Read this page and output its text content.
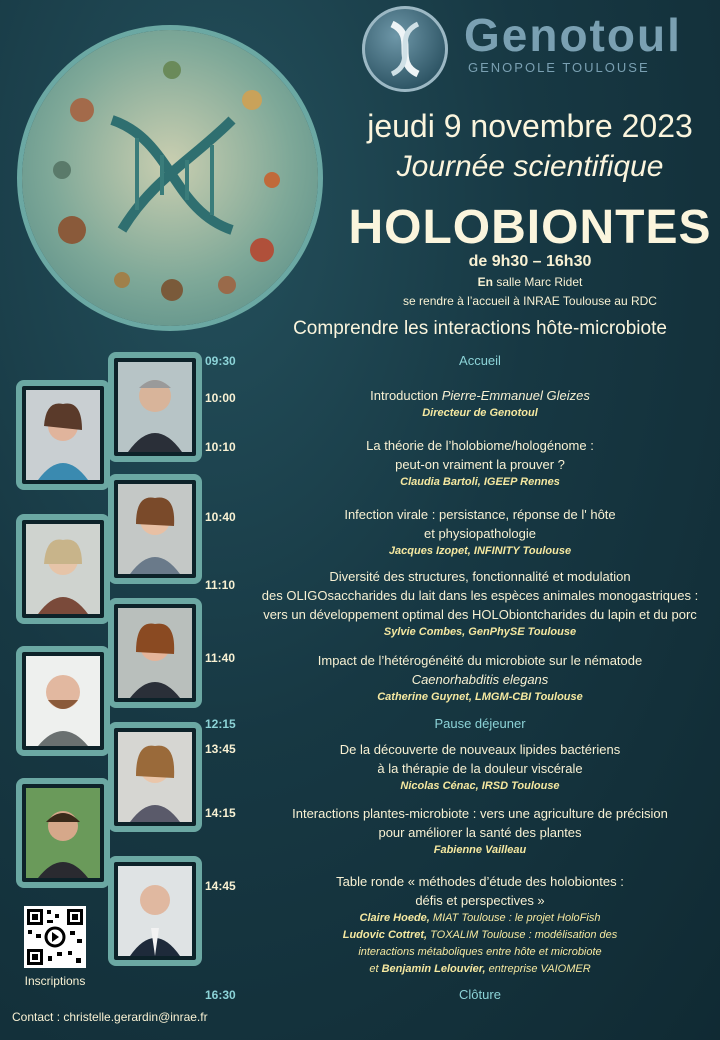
Genotoul
GENOPOLE TOULOUSE
jeudi 9 novembre 2023
Journée scientifique
HOLOBIONTES
de 9h30 – 16h30
En salle Marc Ridet
se rendre à l’accueil à INRAE Toulouse au RDC
Comprendre les interactions hôte-microbiote
09:30	Accueil
10:00	Introduction Pierre-Emmanuel Gleizes
Directeur de Genotoul
10:10	La théorie de l’holobiome/hologénome :
peut-on vraiment la prouver ?
Claudia Bartoli, IGEEP Rennes
10:40	Infection virale : persistance, réponse de l' hôte
et physiopathologie
Jacques Izopet, INFINITY Toulouse
11:10
Diversité des structures, fonctionnalité et modulation
des OLIGOsaccharides du lait dans les espèces animales monogastriques :
vers un développement optimal des HOLObiontcharides du lapin et du porc
Sylvie Combes, GenPhySE Toulouse
11:40	Impact de l’hétérogénéité du microbiote sur le nématode
Caenorhabditis elegans
Catherine Guynet, LMGM-CBI Toulouse
12:15	Pause déjeuner
13:45	De la découverte de nouveaux lipides bactériens
à la thérapie de la douleur viscérale
Nicolas Cénac, IRSD Toulouse
14:15	Interactions plantes-microbiote : vers une agriculture de précision
pour améliorer la santé des plantes
Fabienne Vailleau
14:45	Table ronde « méthodes d’étude des holobiontes :
défis et perspectives »
Claire Hoede, MIAT Toulouse : le projet HoloFish
Ludovic Cottret, TOXALIM Toulouse : modélisation des
interactions métaboliques entre hôte et microbiote
et Benjamin Lelouvier, entreprise VAIOMER
16:30	Clôture
Inscriptions
Contact : christelle.gerardin@inrae.fr
